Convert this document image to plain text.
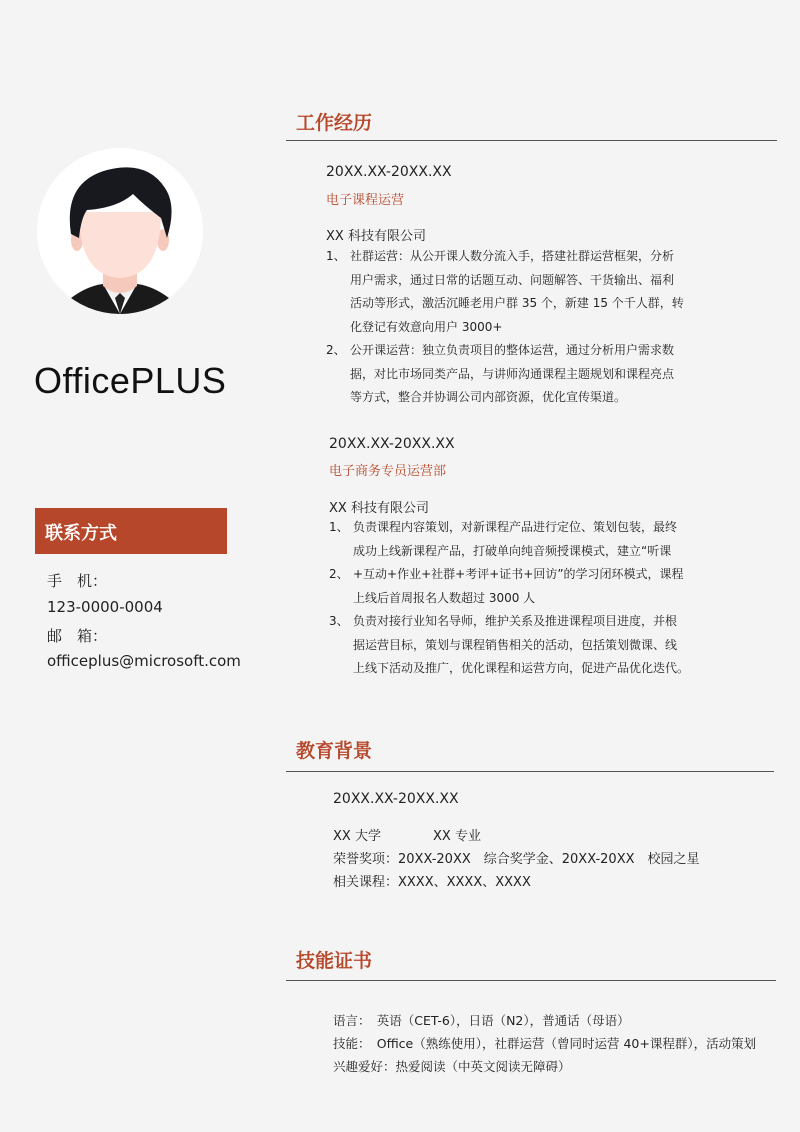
OfficePLUS
联系方式
手　机：
123-0000-0004
邮　箱：
officeplus@microsoft.com
工作经历
20XX.XX-20XX.XX
电子课程运营
XX 科技有限公司
1、 社群运营：从公开课人数分流入手，搭建社群运营框架，分析
用户需求，通过日常的话题互动、问题解答、干货输出、福利
活动等形式，激活沉睡老用户群 35 个，新建 15 个千人群，转
化登记有效意向用户 3000+
2、 公开课运营：独立负责项目的整体运营，通过分析用户需求数
据，对比市场同类产品，与讲师沟通课程主题规划和课程亮点
等方式，整合并协调公司内部资源，优化宣传渠道。
20XX.XX-20XX.XX
电子商务专员运营部
XX 科技有限公司
1、 负责课程内容策划，对新课程产品进行定位、策划包装，最终
成功上线新课程产品，打破单向纯音频授课模式，建立“听课
2、 +互动+作业+社群+考评+证书+回访”的学习闭环模式，课程
上线后首周报名人数超过 3000 人
3、 负责对接行业知名导师，维护关系及推进课程项目进度，并根
据运营目标，策划与课程销售相关的活动，包括策划微课、线
上线下活动及推广，优化课程和运营方向，促进产品优化迭代。
教育背景
20XX.XX-20XX.XX
XX 大学	XX 专业
荣誉奖项：20XX-20XX　综合奖学金、20XX-20XX　校园之星
相关课程：XXXX、XXXX、XXXX
技能证书
语言：　英语（CET-6），日语（N2），普通话（母语）
技能：　Office（熟练使用），社群运营（曾同时运营 40+课程群），活动策划
兴趣爱好：热爱阅读（中英文阅读无障碍）
